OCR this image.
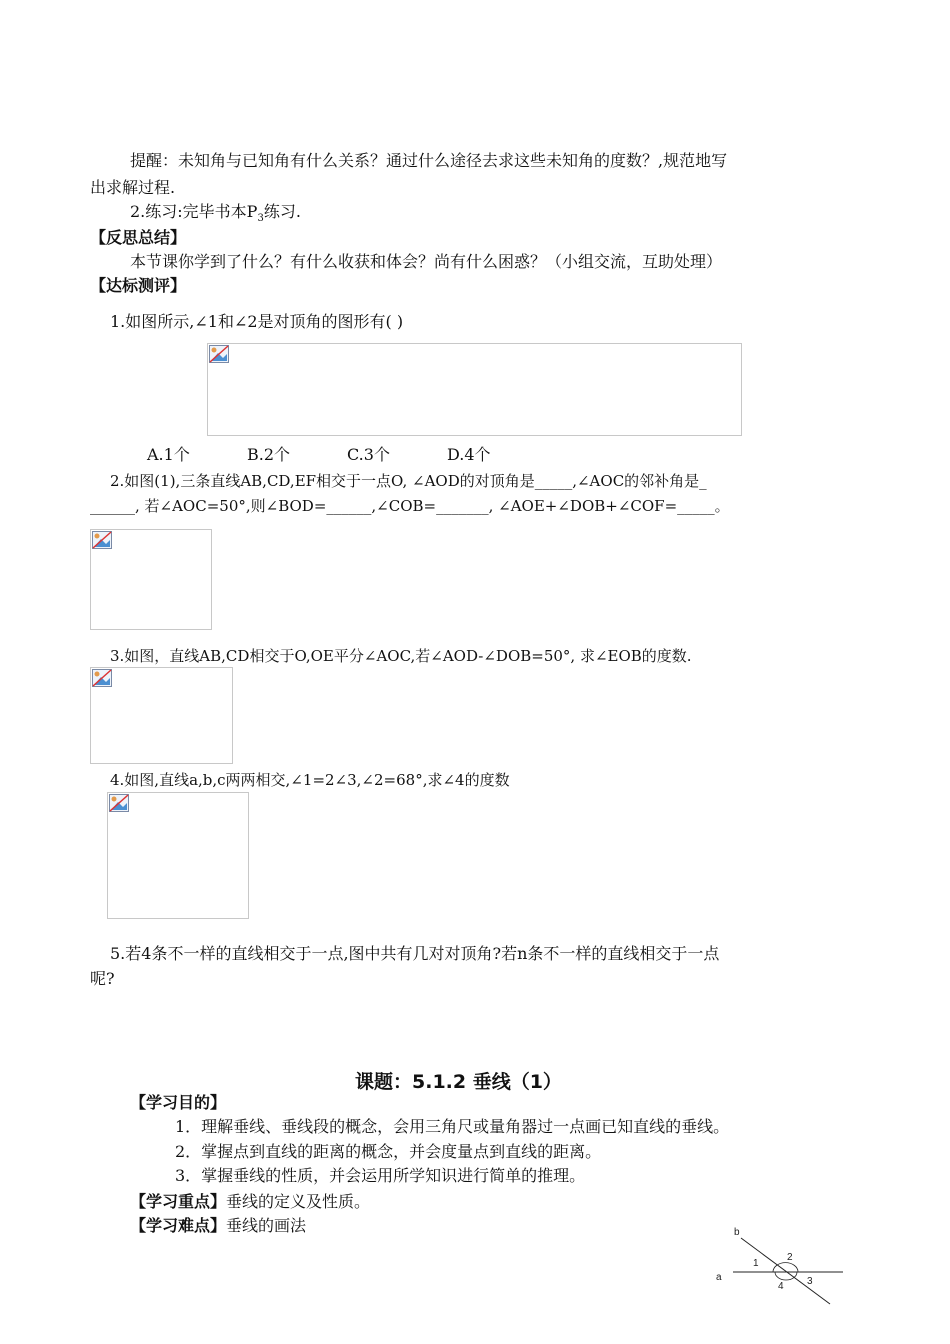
提醒：未知角与已知角有什么关系？通过什么途径去求这些未知角的度数？,规范地写
出求解过程.
2.练习:完毕书本$P_3$练习.
【反思总结】
本节课你学到了什么？有什么收获和体会？尚有什么困惑？（小组交流，互助处理）
【达标测评】
1.如图所示,∠1和∠2是对顶角的图形有( )
A.1个	B.2个	C.3个	D.4个
2.如图(1),三条直线AB,CD,EF相交于一点O, ∠AOD的对顶角是_____,∠AOC的邻补角是_
______, 若∠AOC=50°,则∠BOD=______,∠COB=_______, ∠AOE+∠DOB+∠COF=_____。
3.如图，直线AB,CD相交于O,OE平分∠AOC,若∠AOD-∠DOB=50°, 求∠EOB的度数.
4.如图,直线a,b,c两两相交,∠1=2∠3,∠2=68°,求∠4的度数
5.若4条不一样的直线相交于一点,图中共有几对对顶角?若n条不一样的直线相交于一点
呢?
课题：5.1.2 垂线（1）
【学习目的】
1．理解垂线、垂线段的概念，会用三角尺或量角器过一点画已知直线的垂线。
2．掌握点到直线的距离的概念，并会度量点到直线的距离。
3．掌握垂线的性质，并会运用所学知识进行简单的推理。
【学习重点】垂线的定义及性质。
【学习难点】垂线的画法	b
a
1
2
3
4
